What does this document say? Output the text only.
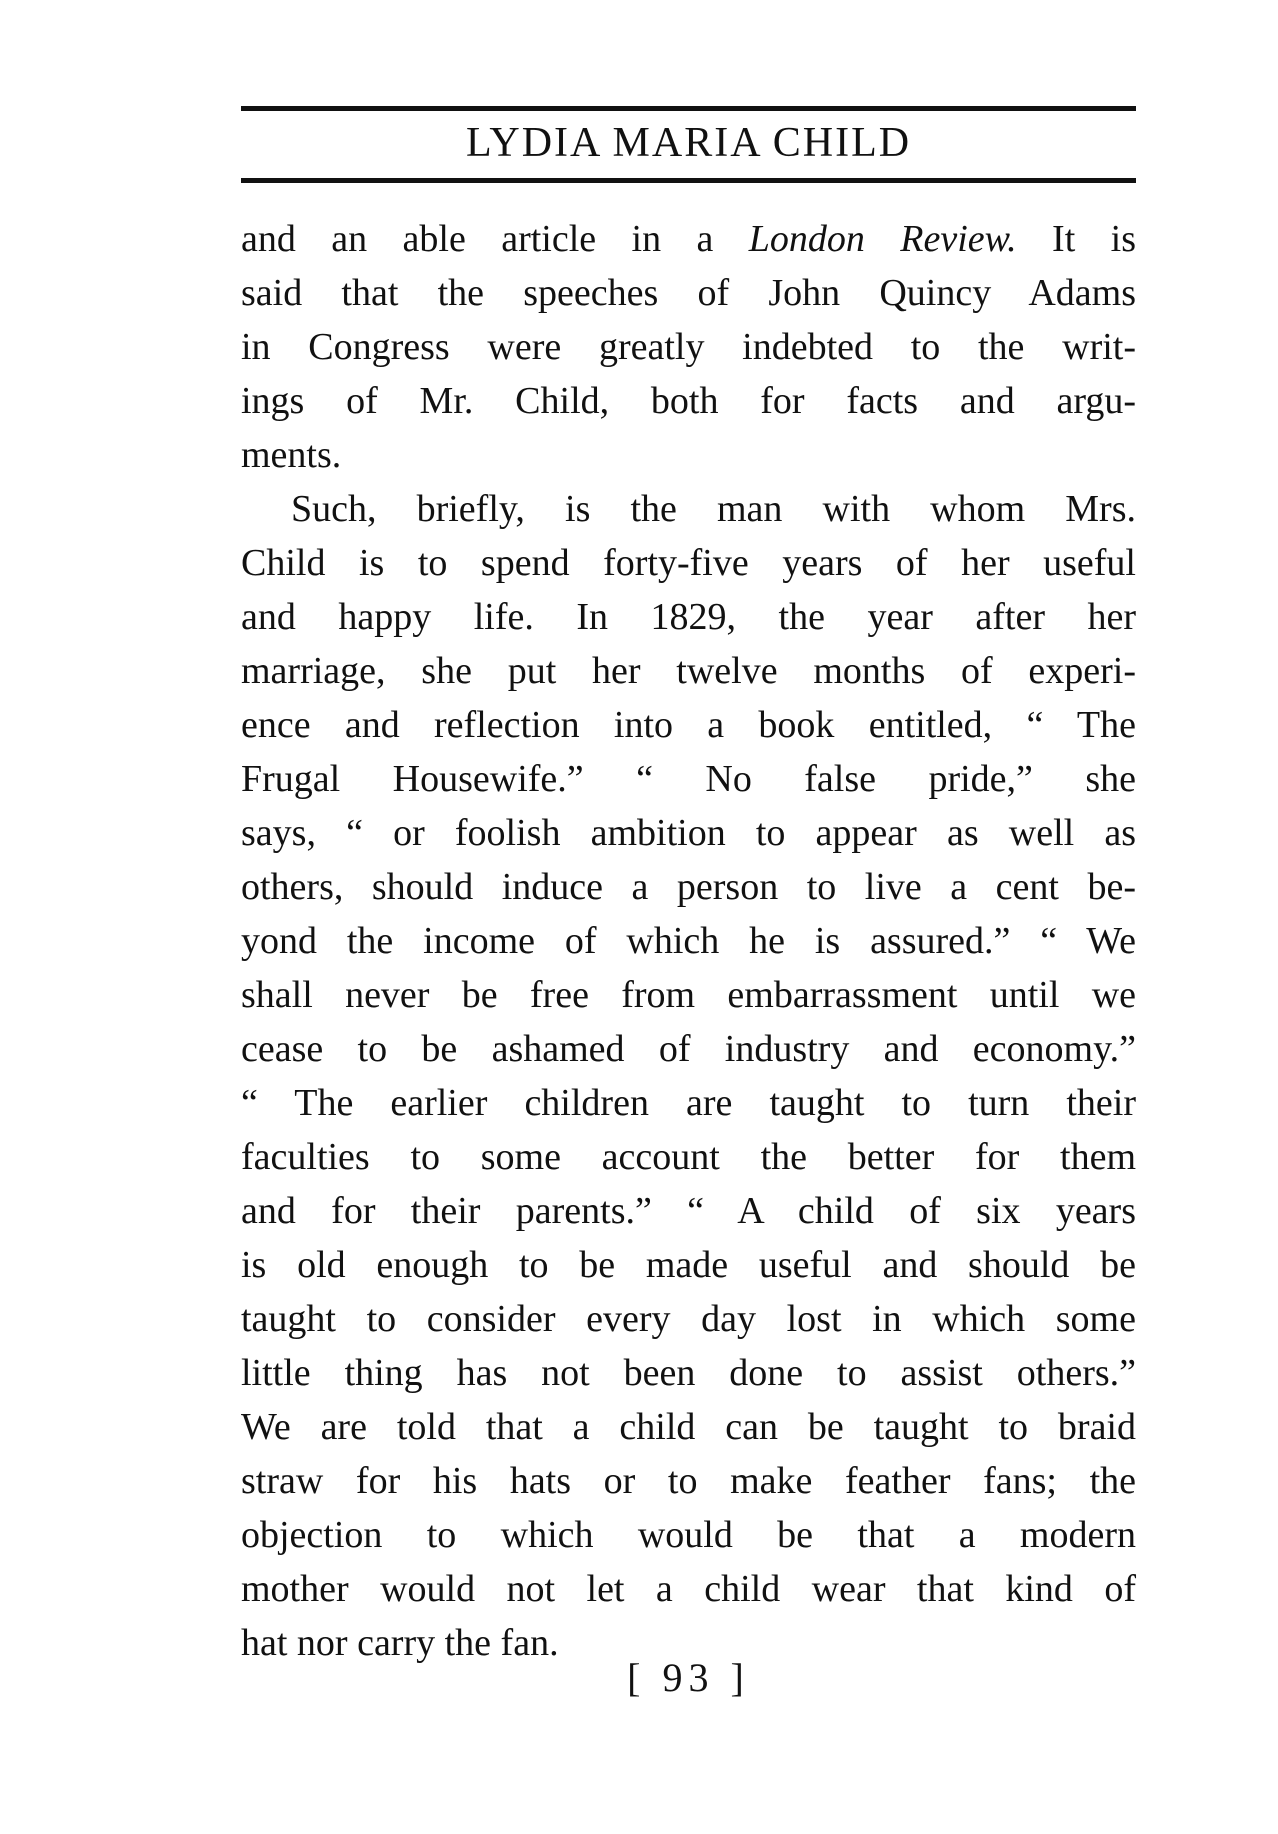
LYDIA MARIA CHILD
and an able article in a London Review. It is
said that the speeches of John Quincy Adams
in Congress were greatly indebted to the writ-
ings of Mr. Child, both for facts and argu-
ments.
Such, briefly, is the man with whom Mrs.
Child is to spend forty-five years of her useful
and happy life. In 1829, the year after her
marriage, she put her twelve months of experi-
ence and reflection into a book entitled, “ The
Frugal Housewife.” “ No false pride,” she
says, “ or foolish ambition to appear as well as
others, should induce a person to live a cent be-
yond the income of which he is assured.” “ We
shall never be free from embarrassment until we
cease to be ashamed of industry and economy.”
“ The earlier children are taught to turn their
faculties to some account the better for them
and for their parents.” “ A child of six years
is old enough to be made useful and should be
taught to consider every day lost in which some
little thing has not been done to assist others.”
We are told that a child can be taught to braid
straw for his hats or to make feather fans; the
objection to which would be that a modern
mother would not let a child wear that kind of
hat nor carry the fan.
[ 93 ]
